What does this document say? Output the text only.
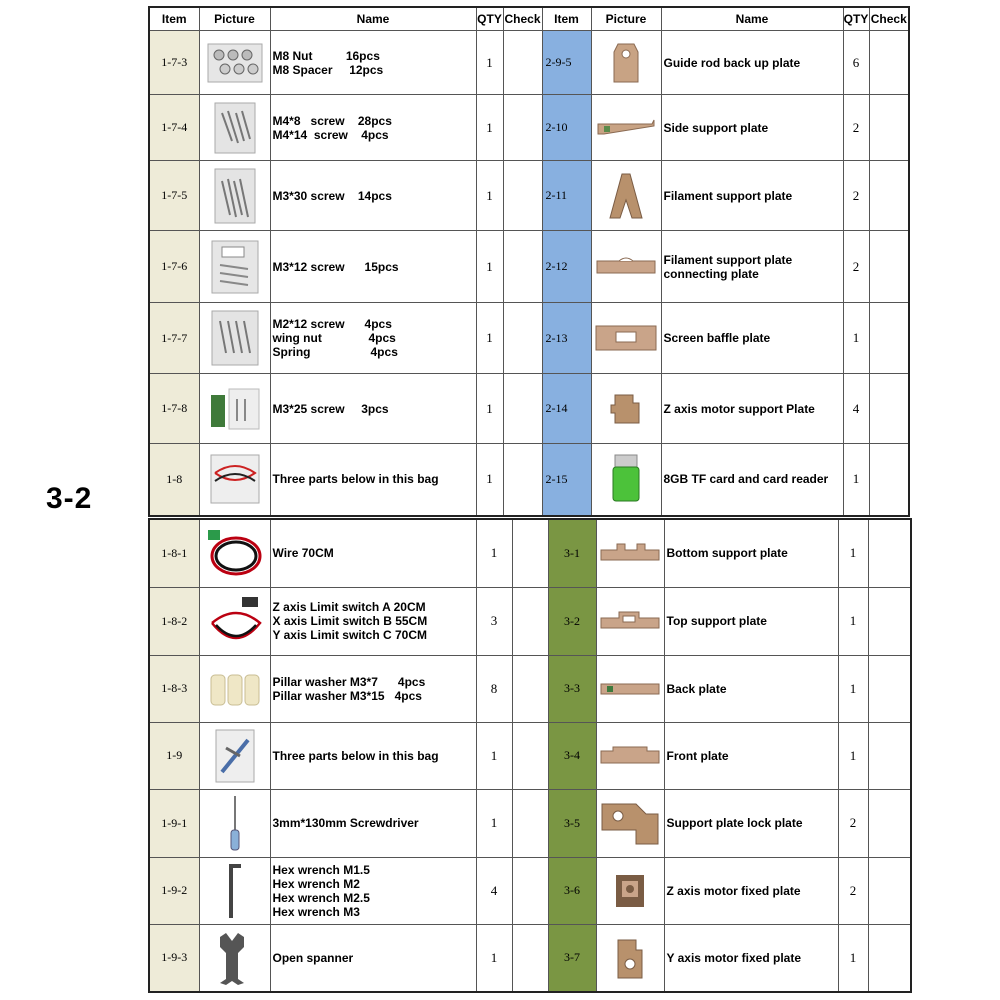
3-2
Item	Picture	Name	QTY	Check	Item	Picture	Name	QTY	Check
1-7-3		M8 Nut          16pcs
M8 Spacer     12pcs	1		2-9-5		Guide rod back up plate	6	
1-7-4		M4*8   screw    28pcs
M4*14  screw    4pcs	1		2-10		Side support plate	2	
1-7-5		M3*30 screw    14pcs	1		2-11		Filament support plate	2	
1-7-6		M3*12 screw      15pcs	1		2-12		Filament support plate
connecting plate	2	
1-7-7		M2*12 screw      4pcs
wing nut              4pcs
Spring                  4pcs	1		2-13		Screen baffle plate	1	
1-7-8		M3*25 screw     3pcs	1		2-14		Z axis motor support Plate	4	
1-8		Three parts below in this bag	1		2-15		8GB TF card and card reader	1	
1-8-1		Wire 70CM	1		3-1		Bottom support plate	1	
1-8-2		Z axis Limit switch A 20CM
X axis Limit switch B 55CM
Y axis Limit switch C 70CM	3		3-2		Top support plate	1	
1-8-3		Pillar washer M3*7      4pcs
Pillar washer M3*15   4pcs	8		3-3		Back plate	1	
1-9		Three parts below in this bag	1		3-4		Front plate	1	
1-9-1		3mm*130mm Screwdriver	1		3-5		Support plate lock plate	2	
1-9-2		Hex wrench M1.5
Hex wrench M2
Hex wrench M2.5
Hex wrench M3	4		3-6		Z axis motor fixed plate	2	
1-9-3		Open spanner	1		3-7		Y axis motor fixed plate	1	
